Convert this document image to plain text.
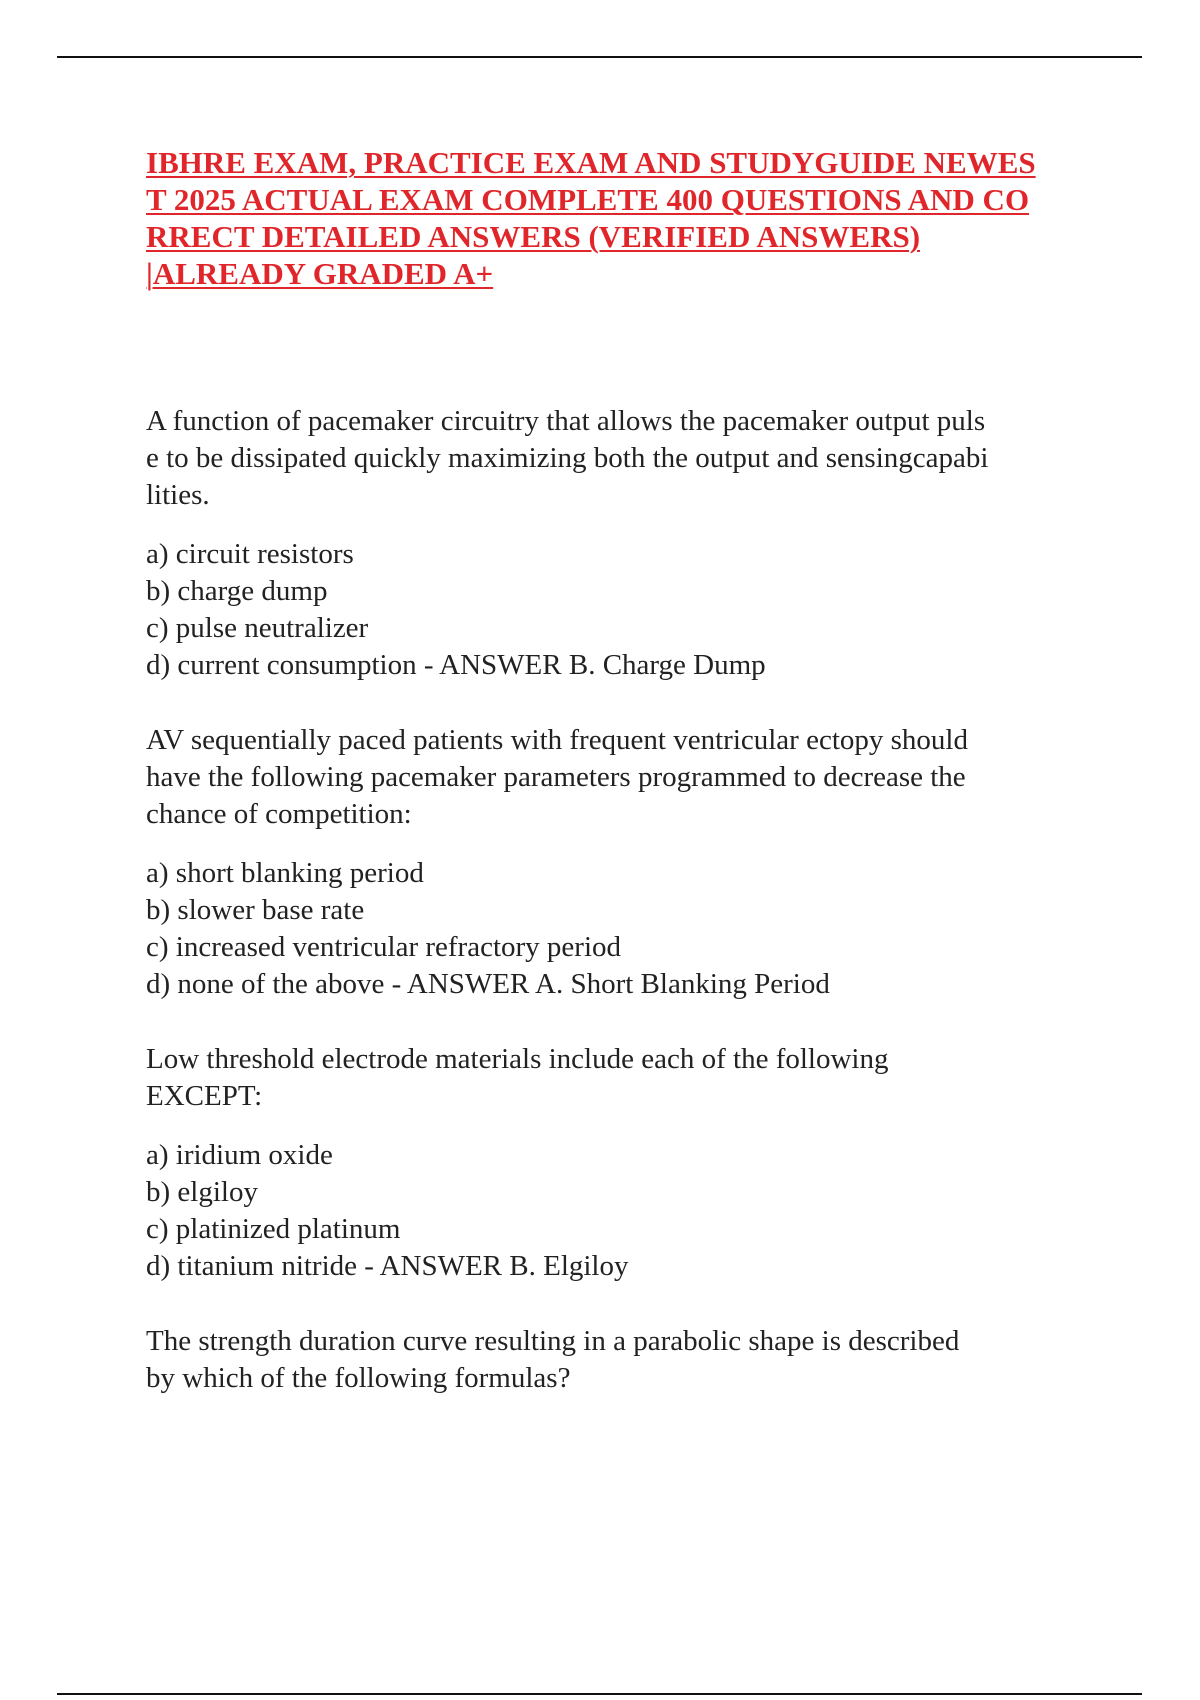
IBHRE EXAM, PRACTICE EXAM AND STUDYGUIDE NEWES
T 2025 ACTUAL EXAM COMPLETE 400 QUESTIONS AND CO
RRECT DETAILED ANSWERS (VERIFIED ANSWERS)
|ALREADY GRADED A+

A function of pacemaker circuitry that allows the pacemaker output puls
e to be dissipated quickly maximizing both the output and sensingcapabi
lities.

a) circuit resistors
b) charge dump
c) pulse neutralizer
d) current consumption - ANSWER B. Charge Dump

AV sequentially paced patients with frequent ventricular ectopy should
have the following pacemaker parameters programmed to decrease the
chance of competition:

a) short blanking period
b) slower base rate
c) increased ventricular refractory period
d) none of the above - ANSWER A. Short Blanking Period

Low threshold electrode materials include each of the following
EXCEPT:

a) iridium oxide
b) elgiloy
c) platinized platinum
d) titanium nitride - ANSWER B. Elgiloy

The strength duration curve resulting in a parabolic shape is described
by which of the following formulas?
